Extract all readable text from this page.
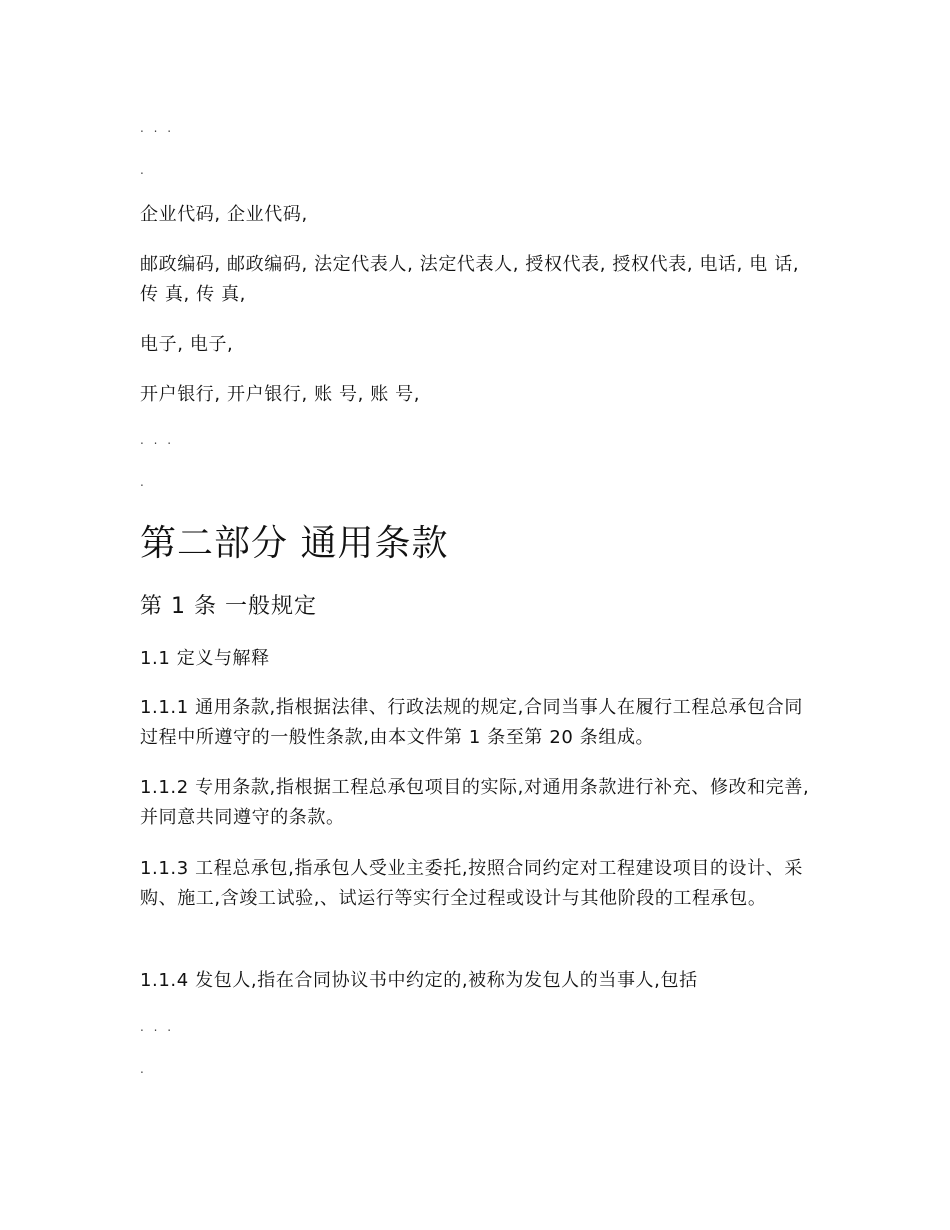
. . .
.

企业代码, 企业代码,

邮政编码, 邮政编码, 法定代表人, 法定代表人, 授权代表, 授权代表, 电话, 电 话, 传 真, 传 真,

电子, 电子,

开户银行, 开户银行, 账 号, 账 号,

. . .
.
第二部分 通用条款
第 1 条 一般规定

1.1 定义与解释

1.1.1 通用条款,指根据法律、行政法规的规定,合同当事人在履行工程总承包合同过程中所遵守的一般性条款,由本文件第 1 条至第 20 条组成。

1.1.2 专用条款,指根据工程总承包项目的实际,对通用条款进行补充、修改和完善,并同意共同遵守的条款。

1.1.3 工程总承包,指承包人受业主委托,按照合同约定对工程建设项目的设计、采购、施工,含竣工试验,、试运行等实行全过程或设计与其他阶段的工程承包。

1.1.4 发包人,指在合同协议书中约定的,被称为发包人的当事人,包括

. . .
.
